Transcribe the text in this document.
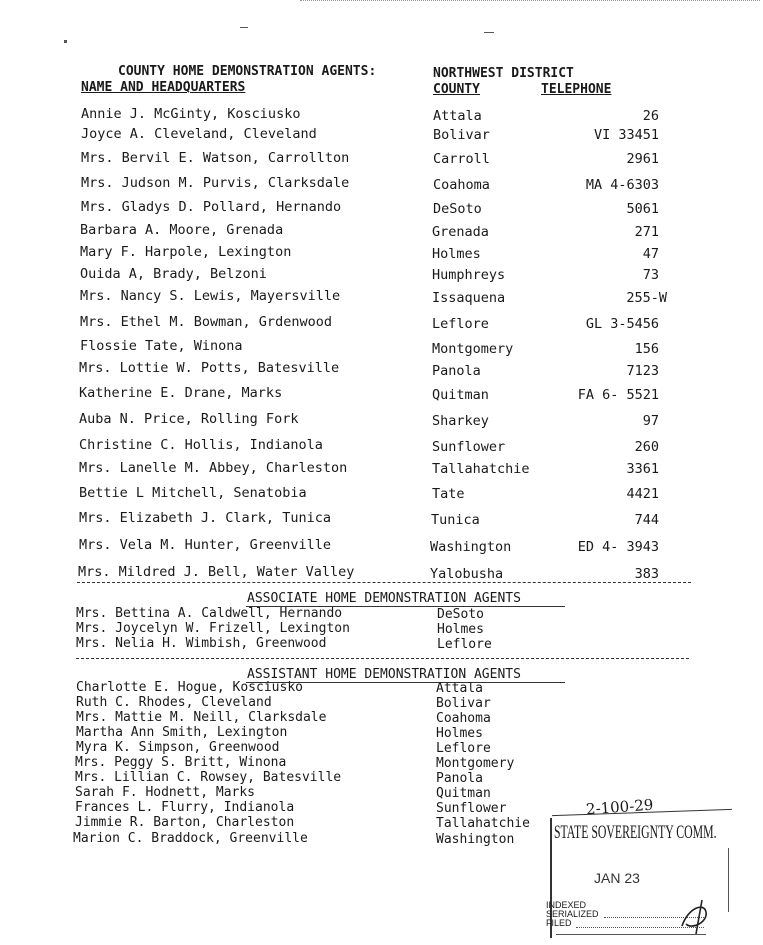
COUNTY HOME DEMONSTRATION AGENTS:	NORTHWEST DISTRICT
NAME AND HEADQUARTERS	COUNTY	TELEPHONE
Annie J. McGinty, Kosciusko	Attala	26
Joyce A. Cleveland, Cleveland	Bolivar	VI 33451
Mrs. Bervil E. Watson, Carrollton	Carroll	2961
Mrs. Judson M. Purvis, Clarksdale	Coahoma	MA 4-6303
Mrs. Gladys D. Pollard, Hernando	DeSoto	5061
Barbara A. Moore, Grenada	Grenada	271
Mary F. Harpole, Lexington	Holmes	47
Ouida A, Brady, Belzoni	Humphreys	73
Mrs. Nancy S. Lewis, Mayersville	Issaquena	255-W
Mrs. Ethel M. Bowman, Grdenwood	Leflore	GL 3-5456
Flossie Tate, Winona	Montgomery	156
Mrs. Lottie W. Potts, Batesville	Panola	7123
Katherine E. Drane, Marks	Quitman	FA 6- 5521
Auba N. Price, Rolling Fork	Sharkey	97
Christine C. Hollis, Indianola	Sunflower	260
Mrs. Lanelle M. Abbey, Charleston	Tallahatchie	3361
Bettie L Mitchell, Senatobia	Tate	4421
Mrs. Elizabeth J. Clark, Tunica	Tunica	744
Mrs. Vela M. Hunter, Greenville	Washington	ED 4- 3943
Mrs. Mildred J. Bell, Water Valley	Yalobusha	383
ASSOCIATE HOME DEMONSTRATION AGENTS
Mrs. Bettina A. Caldwell, Hernando	DeSoto
Mrs. Joycelyn W. Frizell, Lexington	Holmes
Mrs. Nelia H. Wimbish, Greenwood	Leflore
ASSISTANT HOME DEMONSTRATION AGENTS
Charlotte E. Hogue, Kosciusko	Attala
Ruth C. Rhodes, Cleveland	Bolivar
Mrs. Mattie M. Neill, Clarksdale	Coahoma
Martha Ann Smith, Lexington	Holmes
Myra K. Simpson, Greenwood	Leflore
Mrs. Peggy S. Britt, Winona	Montgomery
Mrs. Lillian C. Rowsey, Batesville	Panola
Sarah F. Hodnett, Marks	Quitman
Frances L. Flurry, Indianola	Sunflower
Jimmie R. Barton, Charleston	Tallahatchie
Marion C. Braddock, Greenville	Washington
2-100-29
STATE SOVEREIGNTY COMM.
JAN 23
INDEXED
SERIALIZED
FILED
